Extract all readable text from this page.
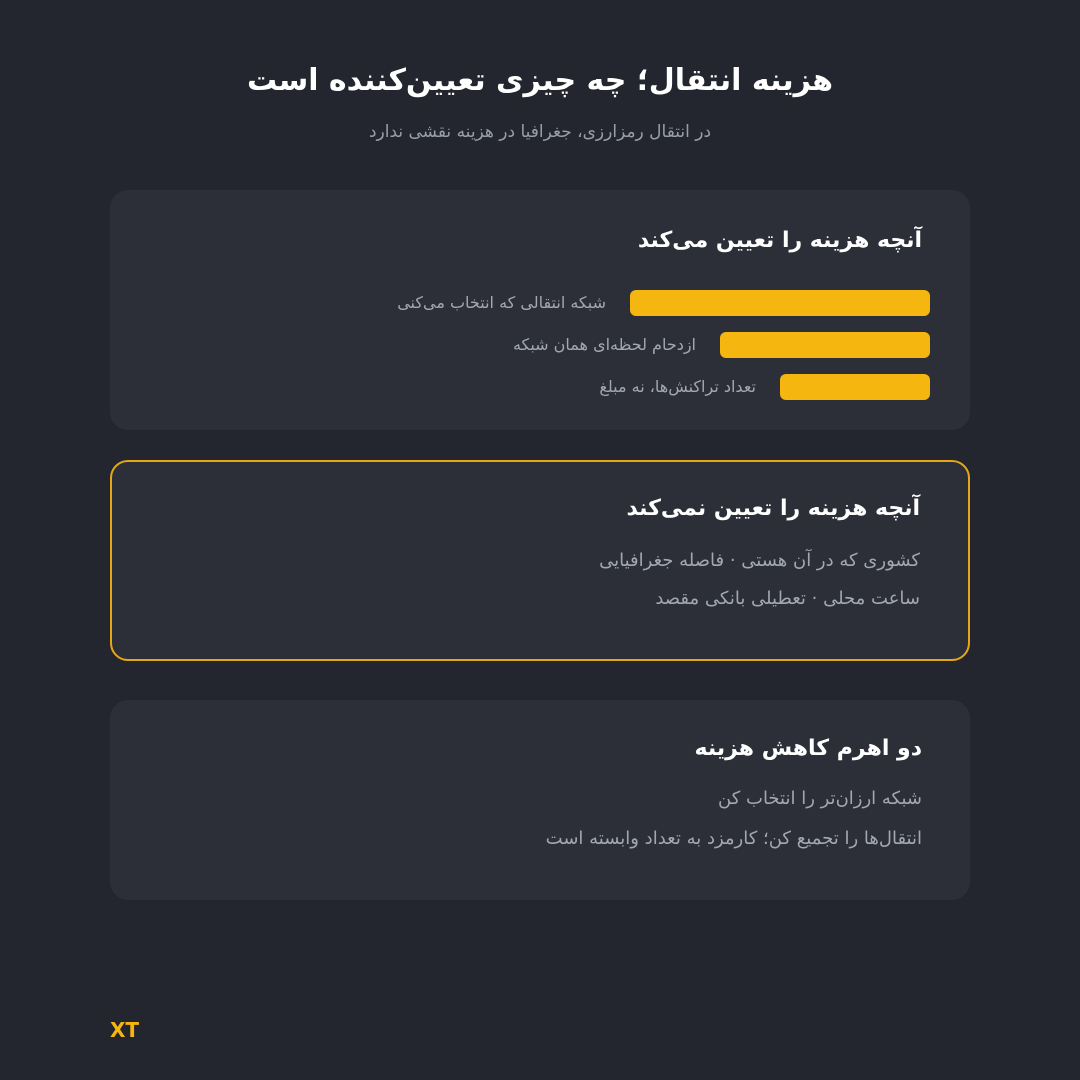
هزینه انتقال؛ چه چیزی تعیین‌کننده است
در انتقال رمزارزی، جغرافیا در هزینه نقشی ندارد
آنچه هزینه را تعیین می‌کند
شبکه انتقالی که انتخاب می‌کنی
ازدحام لحظه‌ای همان شبکه
تعداد تراکنش‌ها، نه مبلغ
آنچه هزینه را تعیین نمی‌کند
کشوری که در آن هستی · فاصله جغرافیایی
ساعت محلی · تعطیلی بانکی مقصد
دو اهرم کاهش هزینه
شبکه ارزان‌تر را انتخاب کن
انتقال‌ها را تجمیع کن؛ کارمزد به تعداد وابسته است
XT
